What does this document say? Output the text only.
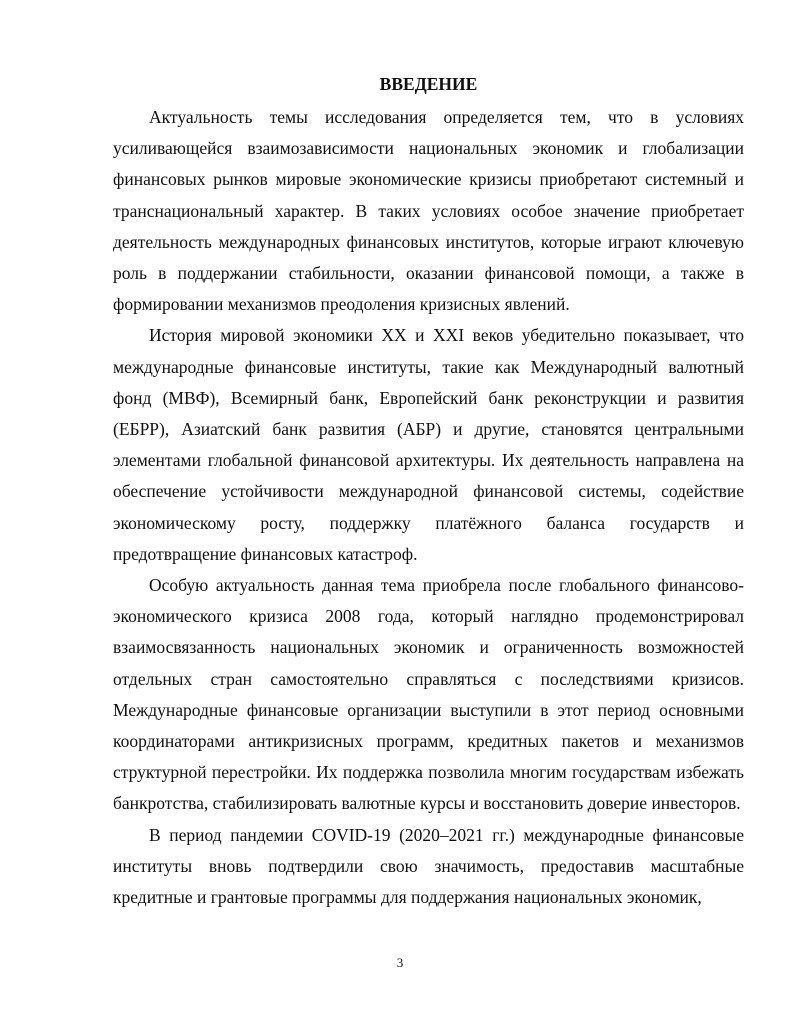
ВВЕДЕНИЕ

Актуальность темы исследования определяется тем, что в условиях усиливающейся взаимозависимости национальных экономик и глобализации финансовых рынков мировые экономические кризисы приобретают системный и транснациональный характер. В таких условиях особое значение приобретает деятельность международных финансовых институтов, которые играют ключевую роль в поддержании стабильности, оказании финансовой помощи, а также в формировании механизмов преодоления кризисных явлений.

История мировой экономики XX и XXI веков убедительно показывает, что международные финансовые институты, такие как Международный валютный фонд (МВФ), Всемирный банк, Европейский банк реконструкции и развития (ЕБРР), Азиатский банк развития (АБР) и другие, становятся центральными элементами глобальной финансовой архитектуры. Их деятельность направлена на обеспечение устойчивости международной финансовой системы, содействие экономическому росту, поддержку платёжного баланса государств и предотвращение финансовых катастроф.

Особую актуальность данная тема приобрела после глобального финансово-экономического кризиса 2008 года, который наглядно продемонстрировал взаимосвязанность национальных экономик и ограниченность возможностей отдельных стран самостоятельно справляться с последствиями кризисов. Международные финансовые организации выступили в этот период основными координаторами антикризисных программ, кредитных пакетов и механизмов структурной перестройки. Их поддержка позволила многим государствам избежать банкротства, стабилизировать валютные курсы и восстановить доверие инвесторов.

В период пандемии COVID-19 (2020–2021 гг.) международные финансовые институты вновь подтвердили свою значимость, предоставив масштабные кредитные и грантовые программы для поддержания национальных экономик,

3
